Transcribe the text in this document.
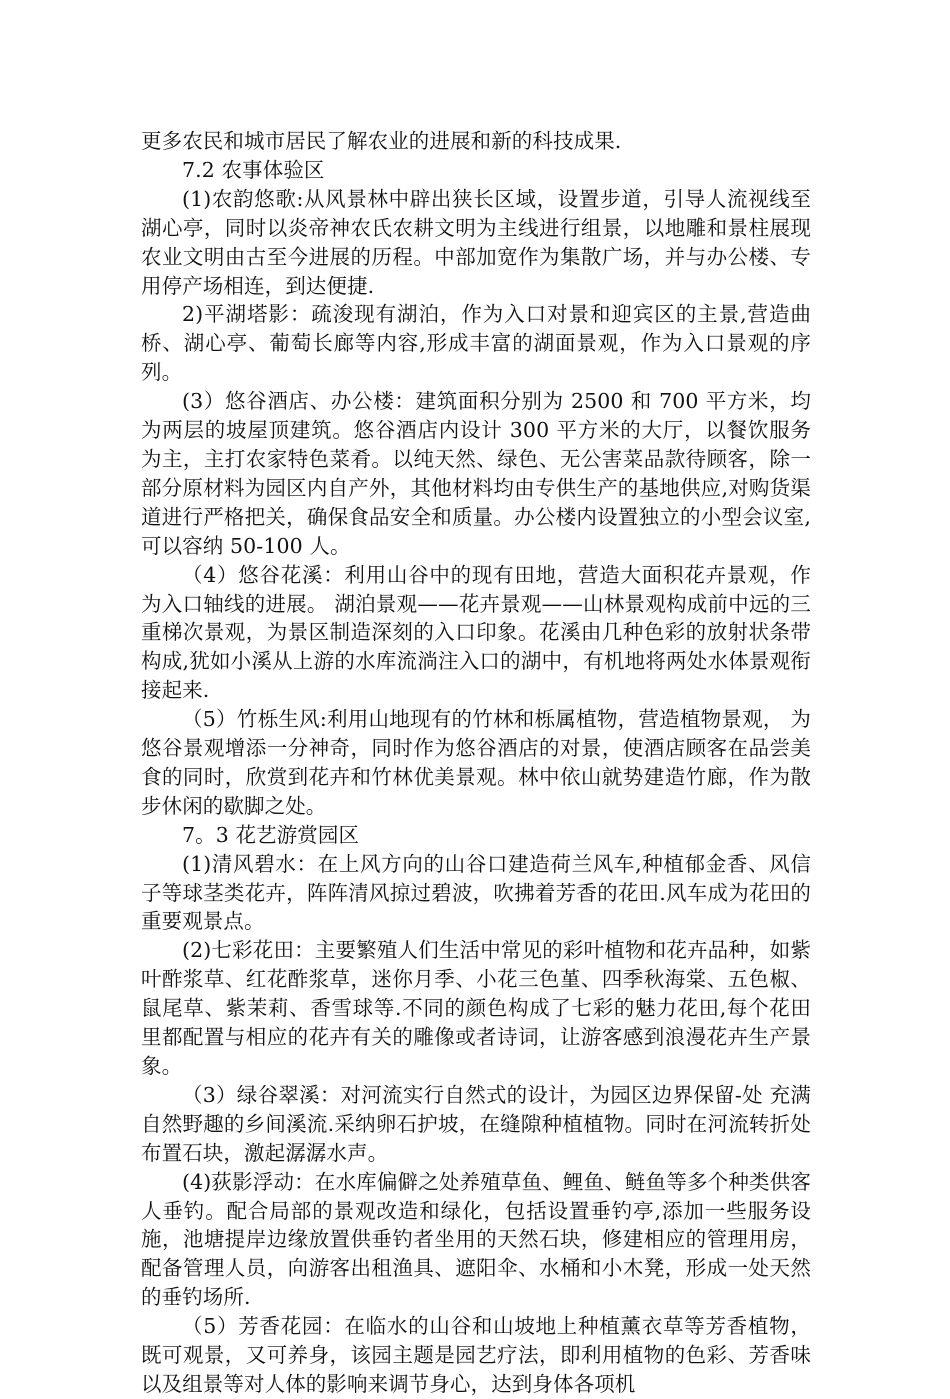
更多农民和城市居民了解农业的进展和新的科技成果.

7.2 农事体验区

(1)农韵悠歌:从风景林中辟出狭长区域，设置步道，引导人流视线至湖心亭，同时以炎帝神农氏农耕文明为主线进行组景，以地雕和景柱展现农业文明由古至今进展的历程。中部加宽作为集散广场，并与办公楼、专用停产场相连，到达便捷.

2)平湖塔影：疏浚现有湖泊，作为入口对景和迎宾区的主景,营造曲桥、湖心亭、葡萄长廊等内容,形成丰富的湖面景观，作为入口景观的序列。

(3）悠谷酒店、办公楼：建筑面积分别为 2500 和 700 平方米，均为两层的坡屋顶建筑。悠谷酒店内设计 300 平方米的大厅，以餐饮服务为主，主打农家特色菜肴。以纯天然、绿色、无公害菜品款待顾客，除一部分原材料为园区内自产外，其他材料均由专供生产的基地供应,对购货渠道进行严格把关，确保食品安全和质量。办公楼内设置独立的小型会议室,可以容纳 50-100 人。

（4）悠谷花溪：利用山谷中的现有田地，营造大面积花卉景观，作为入口轴线的进展。 湖泊景观——花卉景观——山林景观构成前中远的三重梯次景观，为景区制造深刻的入口印象。花溪由几种色彩的放射状条带构成,犹如小溪从上游的水库流淌注入口的湖中，有机地将两处水体景观衔接起来.

（5）竹栎生风:利用山地现有的竹林和栎属植物，营造植物景观， 为悠谷景观增添一分神奇，同时作为悠谷酒店的对景，使酒店顾客在品尝美食的同时，欣赏到花卉和竹林优美景观。林中依山就势建造竹廊，作为散步休闲的歇脚之处。

7。3 花艺游赏园区

(1)清风碧水：在上风方向的山谷口建造荷兰风车,种植郁金香、风信子等球茎类花卉，阵阵清风掠过碧波，吹拂着芳香的花田.风车成为花田的重要观景点。

(2)七彩花田：主要繁殖人们生活中常见的彩叶植物和花卉品种，如紫叶酢浆草、红花酢浆草，迷你月季、小花三色堇、四季秋海棠、五色椒、鼠尾草、紫茉莉、香雪球等.不同的颜色构成了七彩的魅力花田,每个花田里都配置与相应的花卉有关的雕像或者诗词，让游客感到浪漫花卉生产景象。

（3）绿谷翠溪：对河流实行自然式的设计，为园区边界保留-处 充满自然野趣的乡间溪流.采纳卵石护坡，在缝隙种植植物。同时在河流转折处布置石块，激起潺潺水声。

(4)荻影浮动：在水库偏僻之处养殖草鱼、鲤鱼、鲢鱼等多个种类供客人垂钓。配合局部的景观改造和绿化，包括设置垂钓亭,添加一些服务设施，池塘提岸边缘放置供垂钓者坐用的天然石块，修建相应的管理用房，配备管理人员，向游客出租渔具、遮阳伞、水桶和小木凳，形成一处天然的垂钓场所.

（5）芳香花园：在临水的山谷和山坡地上种植薰衣草等芳香植物， 既可观景，又可养身，该园主题是园艺疗法，即利用植物的色彩、芳香味以及组景等对人体的影响来调节身心，达到身体各项机
